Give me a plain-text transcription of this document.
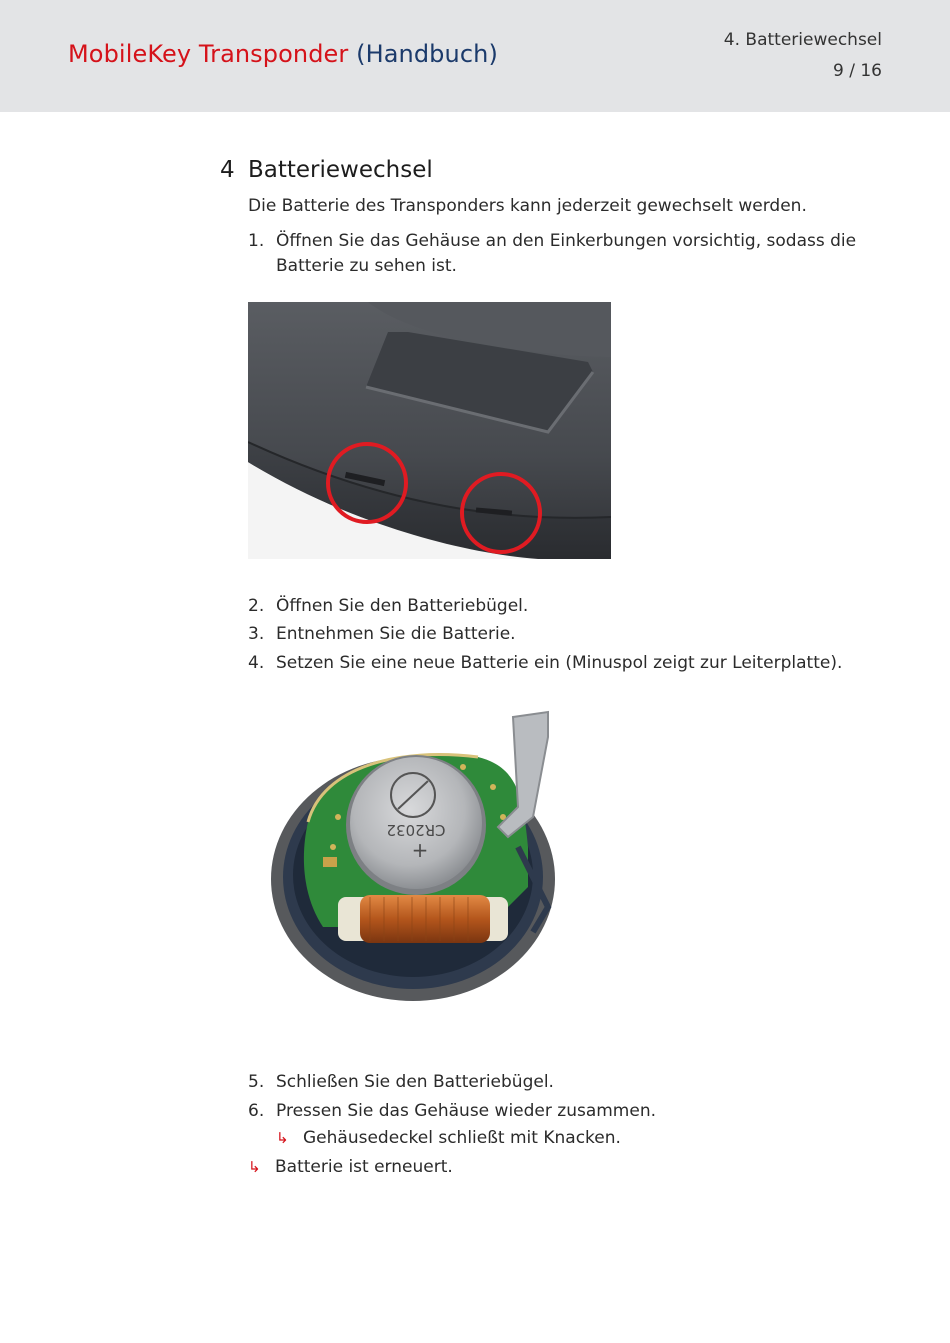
MobileKey Transponder (Handbuch)	4. Batteriewechsel
9 / 16
4 Batteriewechsel
Die Batterie des Transponders kann jederzeit gewechselt werden.
1. Öffnen Sie das Gehäuse an den Einkerbungen vorsichtig, sodass die Batterie zu sehen ist.
2. Öffnen Sie den Batteriebügel.
3. Entnehmen Sie die Batterie.
4. Setzen Sie eine neue Batterie ein (Minuspol zeigt zur Leiterplatte).
CR2032
+
5. Schließen Sie den Batteriebügel.
6. Pressen Sie das Gehäuse wieder zusammen.
↳ Gehäusedeckel schließt mit Knacken.
↳ Batterie ist erneuert.
